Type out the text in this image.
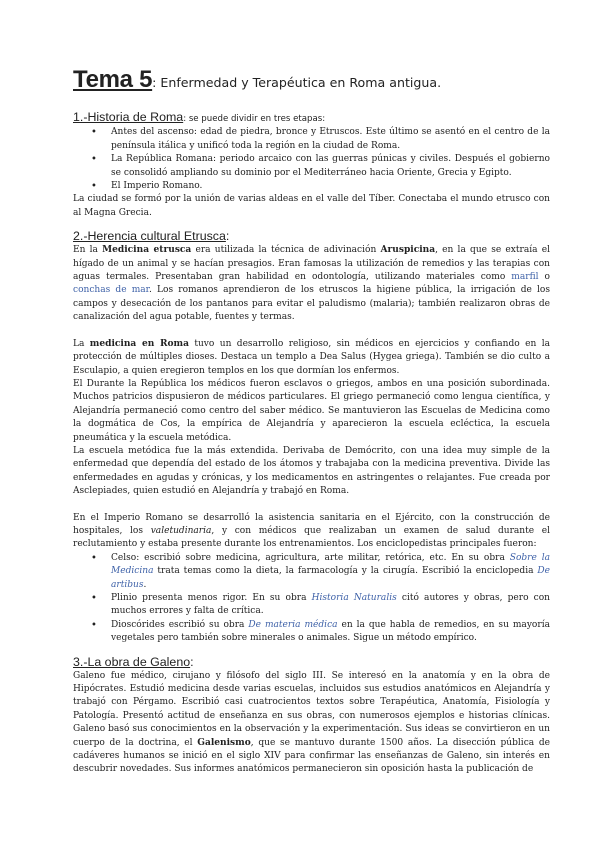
Tema 5: Enfermedad y Terapéutica en Roma antigua.
1.-Historia de Roma: se puede dividir en tres etapas:
• Antes del ascenso: edad de piedra, bronce y Etruscos. Este último se asentó en el centro de la península itálica y unificó toda la región en la ciudad de Roma.
• La República Romana: periodo arcaico con las guerras púnicas y civiles. Después el gobierno se consolidó ampliando su dominio por el Mediterráneo hacia Oriente, Grecia y Egipto.
• El Imperio Romano.

La ciudad se formó por la unión de varias aldeas en el valle del Tíber. Conectaba el mundo etrusco con al Magna Grecia.

2.-Herencia cultural Etrusca:

En la Medicina etrusca era utilizada la técnica de adivinación Aruspicina, en la que se extraía el hígado de un animal y se hacían presagios. Eran famosas la utilización de remedios y las terapias con aguas termales. Presentaban gran habilidad en odontología, utilizando materiales como marfil o conchas de mar. Los romanos aprendieron de los etruscos la higiene pública, la irrigación de los campos y desecación de los pantanos para evitar el paludismo (malaria); también realizaron obras de canalización del agua potable, fuentes y termas.

La medicina en Roma tuvo un desarrollo religioso, sin médicos en ejercicios y confiando en la protección de múltiples dioses. Destaca un templo a Dea Salus (Hygea griega). También se dio culto a Esculapio, a quien eregieron templos en los que dormían los enfermos.

El Durante la República los médicos fueron esclavos o griegos, ambos en una posición subordinada. Muchos patricios dispusieron de médicos particulares. El griego permaneció como lengua científica, y Alejandría permaneció como centro del saber médico. Se mantuvieron las Escuelas de Medicina como la dogmática de Cos, la empírica de Alejandría y aparecieron la escuela ecléctica, la escuela pneumática y la escuela metódica.

La escuela metódica fue la más extendida. Derivaba de Demócrito, con una idea muy simple de la enfermedad que dependía del estado de los átomos y trabajaba con la medicina preventiva. Divide las enfermedades en agudas y crónicas, y los medicamentos en astringentes o relajantes. Fue creada por Asclepiades, quien estudió en Alejandría y trabajó en Roma.

En el Imperio Romano se desarrolló la asistencia sanitaria en el Ejército, con la construcción de hospitales, los valetudinaria, y con médicos que realizaban un examen de salud durante el reclutamiento y estaba presente durante los entrenamientos. Los enciclopedistas principales fueron:

• Celso: escribió sobre medicina, agricultura, arte militar, retórica, etc. En su obra Sobre la Medicina trata temas como la dieta, la farmacología y la cirugía. Escribió la enciclopedia De artibus.
• Plinio presenta menos rigor. En su obra Historia Naturalis citó autores y obras, pero con muchos errores y falta de crítica.
• Dioscórides escribió su obra De materia médica en la que habla de remedios, en su mayoría vegetales pero también sobre minerales o animales. Sigue un método empírico.
3.-La obra de Galeno:

Galeno fue médico, cirujano y filósofo del siglo III. Se interesó en la anatomía y en la obra de Hipócrates. Estudió medicina desde varias escuelas, incluidos sus estudios anatómicos en Alejandría y trabajó con Pérgamo. Escribió casi cuatrocientos textos sobre Terapéutica, Anatomía, Fisiología y Patología. Presentó actitud de enseñanza en sus obras, con numerosos ejemplos e historias clínicas. Galeno basó sus conocimientos en la observación y la experimentación. Sus ideas se convirtieron en un cuerpo de la doctrina, el Galenismo, que se mantuvo durante 1500 años. La disección pública de cadáveres humanos se inició en el siglo XIV para confirmar las enseñanzas de Galeno, sin interés en descubrir novedades. Sus informes anatómicos permanecieron sin oposición hasta la publicación de
